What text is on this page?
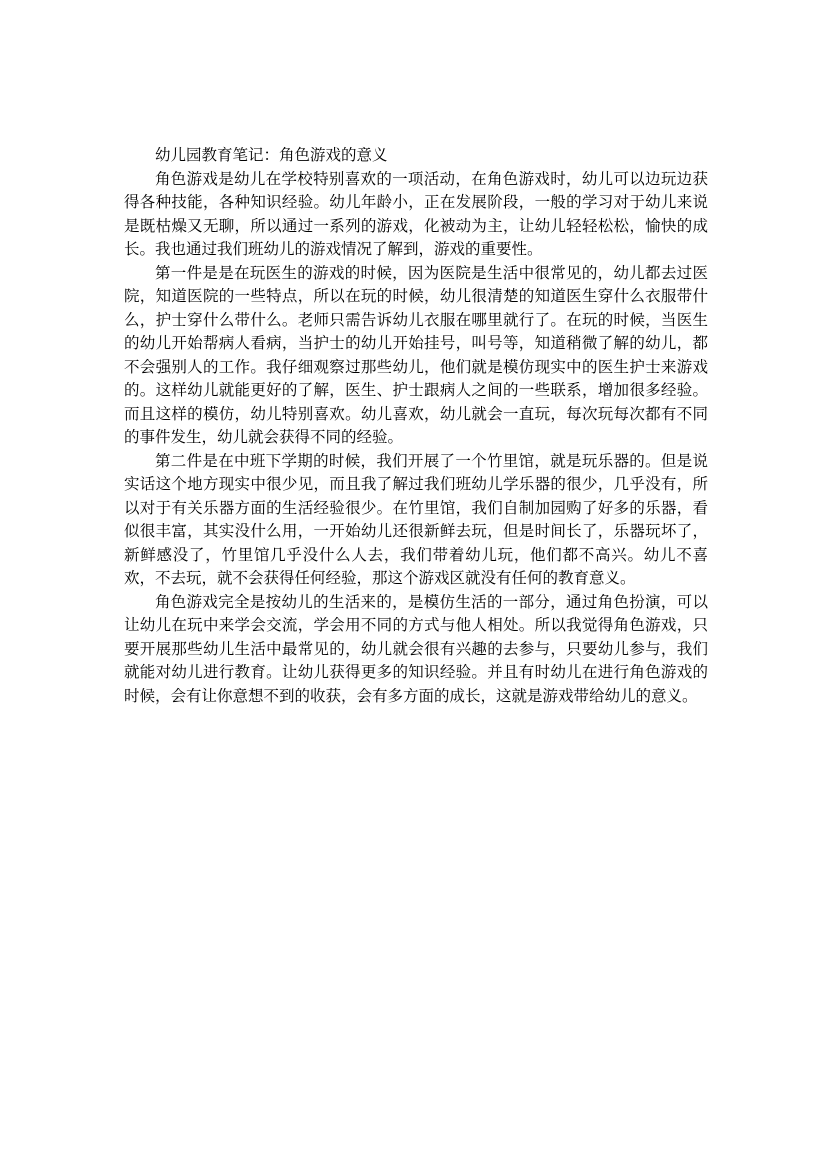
幼儿园教育笔记：角色游戏的意义

角色游戏是幼儿在学校特别喜欢的一项活动，在角色游戏时，幼儿可以边玩边获得各种技能，各种知识经验。幼儿年龄小，正在发展阶段，一般的学习对于幼儿来说是既枯燥又无聊，所以通过一系列的游戏，化被动为主，让幼儿轻轻松松，愉快的成长。我也通过我们班幼儿的游戏情况了解到，游戏的重要性。

第一件是是在玩医生的游戏的时候，因为医院是生活中很常见的，幼儿都去过医院，知道医院的一些特点，所以在玩的时候，幼儿很清楚的知道医生穿什么衣服带什么，护士穿什么带什么。老师只需告诉幼儿衣服在哪里就行了。在玩的时候，当医生的幼儿开始帮病人看病，当护士的幼儿开始挂号，叫号等，知道稍微了解的幼儿，都不会强别人的工作。我仔细观察过那些幼儿，他们就是模仿现实中的医生护士来游戏的。这样幼儿就能更好的了解，医生、护士跟病人之间的一些联系，增加很多经验。而且这样的模仿，幼儿特别喜欢。幼儿喜欢，幼儿就会一直玩，每次玩每次都有不同的事件发生，幼儿就会获得不同的经验。

第二件是在中班下学期的时候，我们开展了一个竹里馆，就是玩乐器的。但是说实话这个地方现实中很少见，而且我了解过我们班幼儿学乐器的很少，几乎没有，所以对于有关乐器方面的生活经验很少。在竹里馆，我们自制加园购了好多的乐器，看似很丰富，其实没什么用，一开始幼儿还很新鲜去玩，但是时间长了，乐器玩坏了，新鲜感没了，竹里馆几乎没什么人去，我们带着幼儿玩，他们都不高兴。幼儿不喜欢，不去玩，就不会获得任何经验，那这个游戏区就没有任何的教育意义。

角色游戏完全是按幼儿的生活来的，是模仿生活的一部分，通过角色扮演，可以让幼儿在玩中来学会交流，学会用不同的方式与他人相处。所以我觉得角色游戏，只要开展那些幼儿生活中最常见的，幼儿就会很有兴趣的去参与，只要幼儿参与，我们就能对幼儿进行教育。让幼儿获得更多的知识经验。并且有时幼儿在进行角色游戏的时候，会有让你意想不到的收获，会有多方面的成长，这就是游戏带给幼儿的意义。
